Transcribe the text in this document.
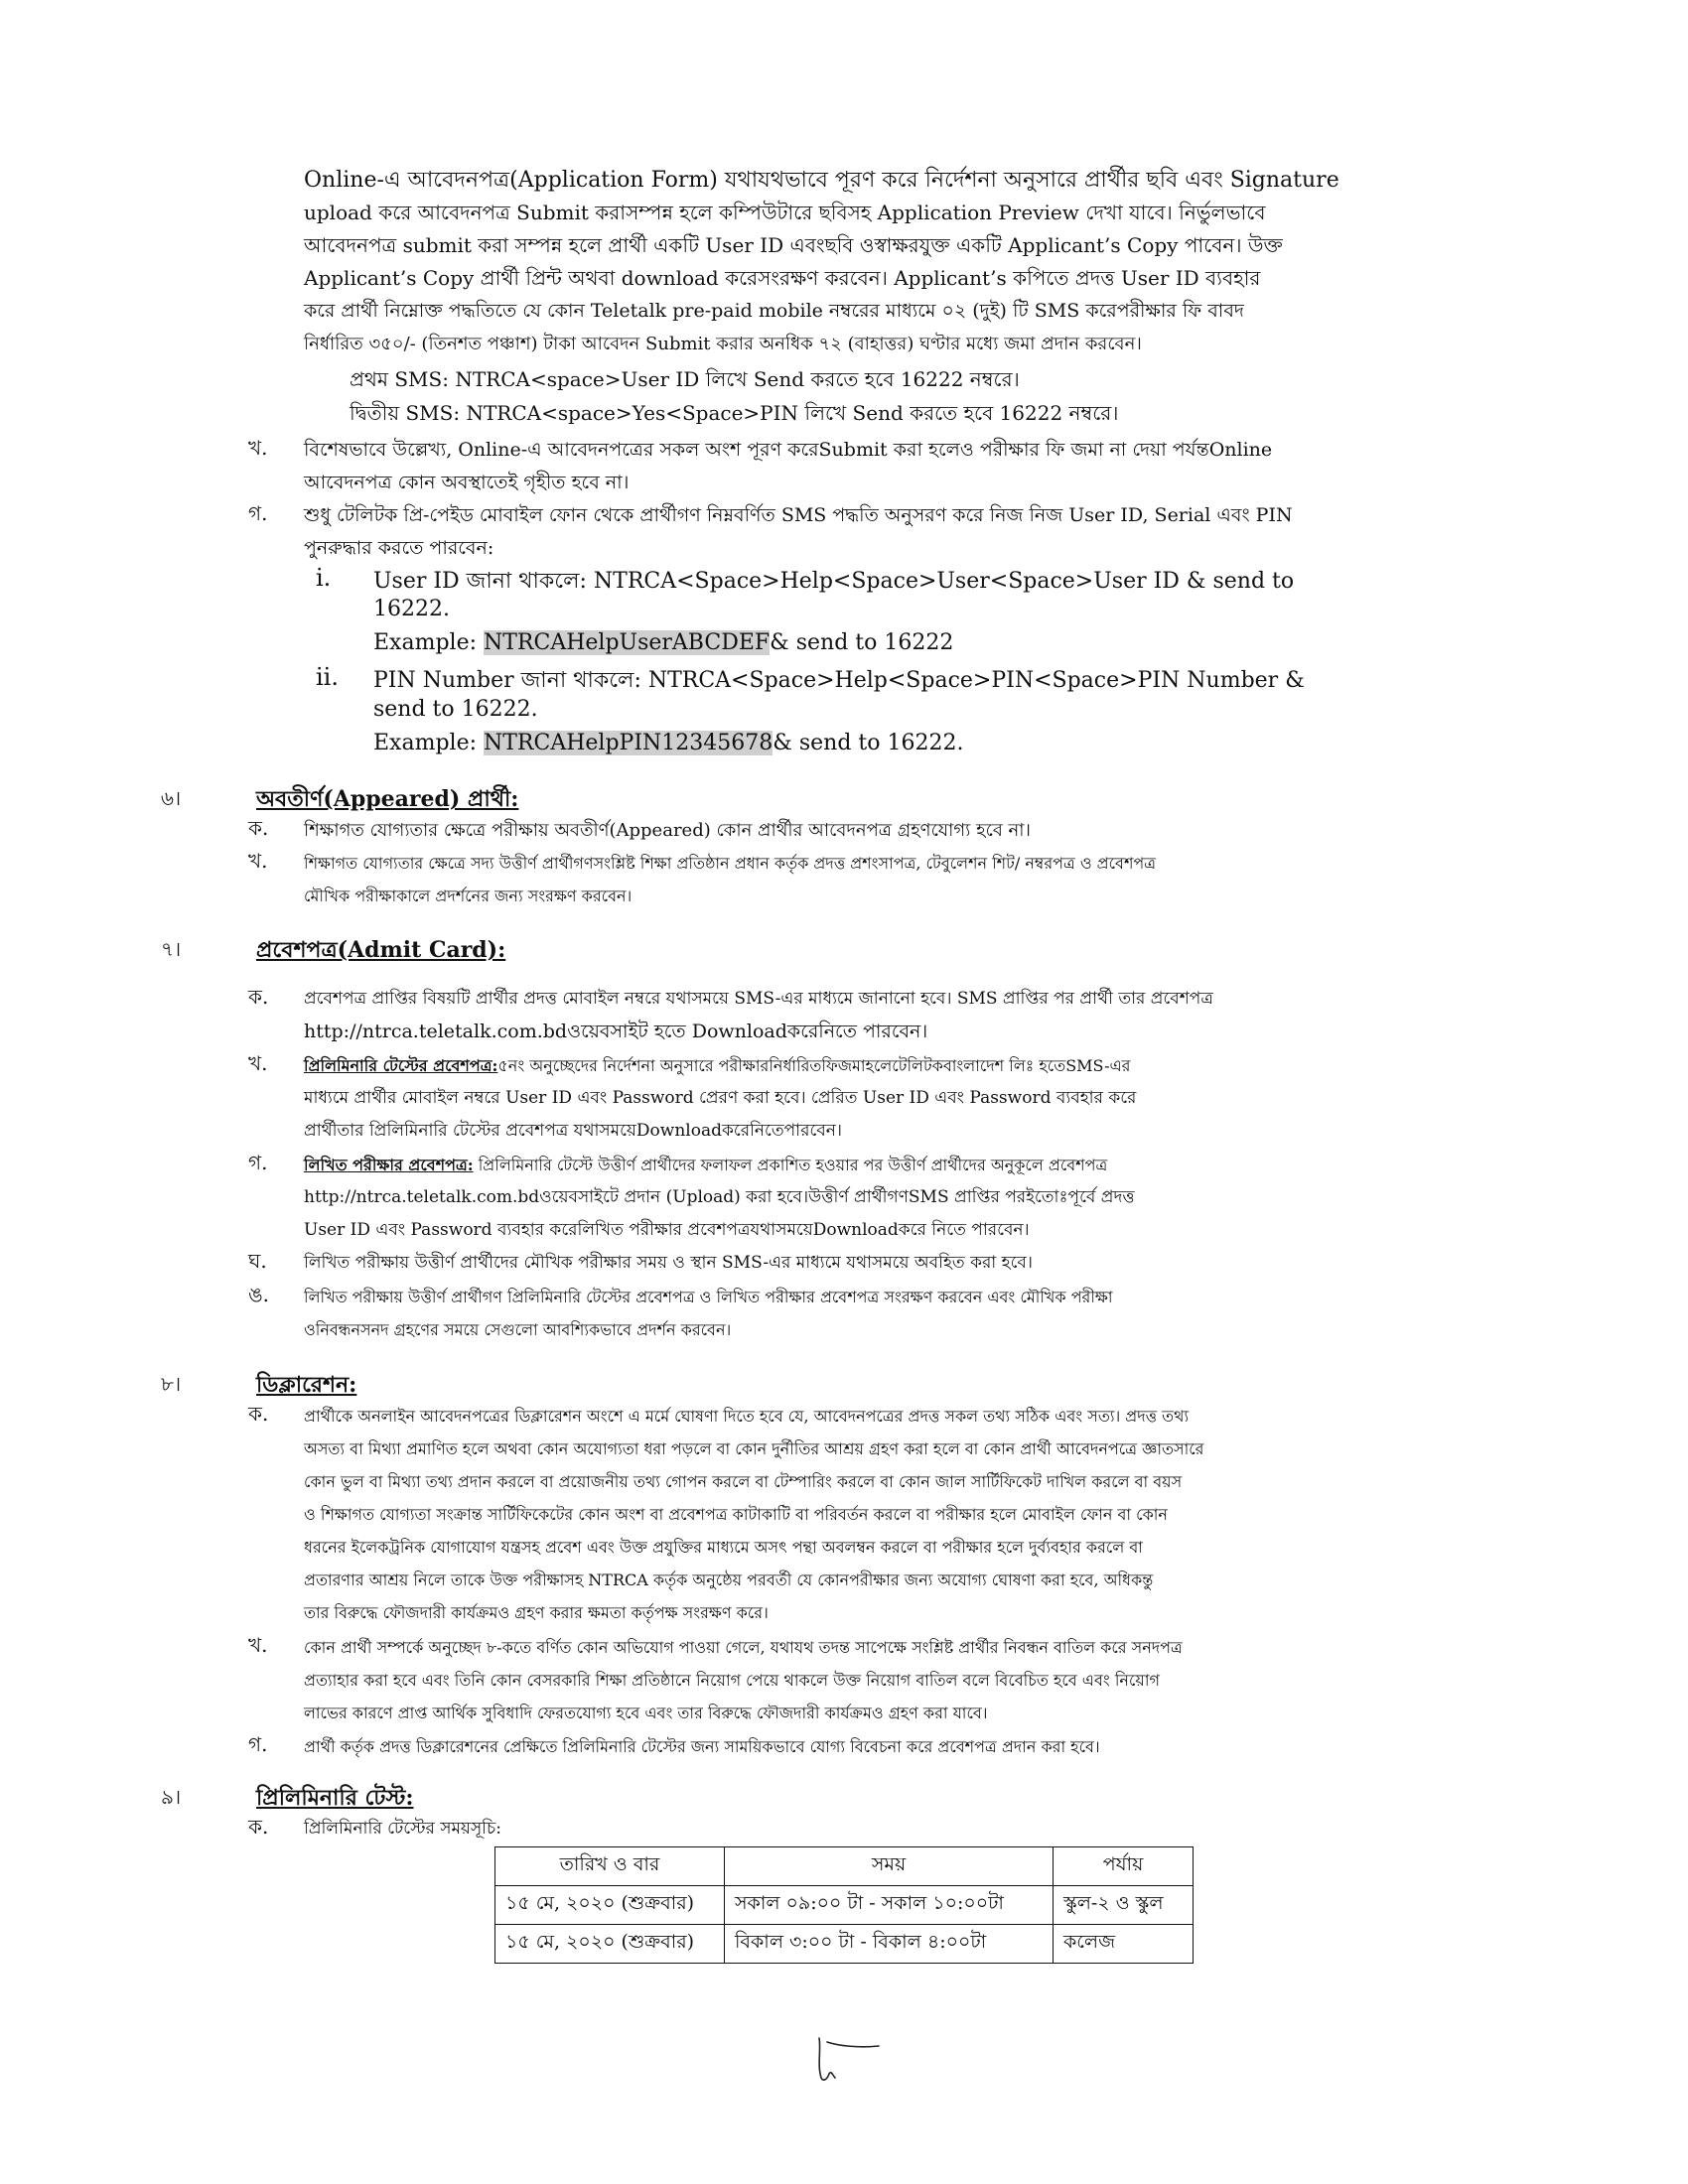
Online-এ আবেদনপত্র(Application Form) যথাযথভাবে পূরণ করে নির্দেশনা অনুসারে প্রার্থীর ছবি এবং Signature
upload করে আবেদনপত্র Submit করাসম্পন্ন হলে কম্পিউটারে ছবিসহ Application Preview দেখা যাবে। নির্ভুলভাবে
আবেদনপত্র submit করা সম্পন্ন হলে প্রার্থী একটি User ID এবংছবি ওস্বাক্ষরযুক্ত একটি Applicant’s Copy পাবেন। উক্ত
Applicant’s Copy প্রার্থী প্রিন্ট অথবা download করেসংরক্ষণ করবেন। Applicant’s কপিতে প্রদত্ত User ID ব্যবহার
করে প্রার্থী নিম্নোক্ত পদ্ধতিতে যে কোন Teletalk pre-paid mobile নম্বরের মাধ্যমে ০২ (দুই) টি SMS করেপরীক্ষার ফি বাবদ
নির্ধারিত ৩৫০/- (তিনশত পঞ্চাশ) টাকা আবেদন Submit করার অনধিক ৭২ (বাহাত্তর) ঘণ্টার মধ্যে জমা প্রদান করবেন।
প্রথম SMS: NTRCA<space>User ID লিখে Send করতে হবে 16222 নম্বরে।
দ্বিতীয় SMS: NTRCA<space>Yes<Space>PIN লিখে Send করতে হবে 16222 নম্বরে।
খ.	বিশেষভাবে উল্লেখ্য, Online-এ আবেদনপত্রের সকল অংশ পূরণ করেSubmit করা হলেও পরীক্ষার ফি জমা না দেয়া পর্যন্তOnline
আবেদনপত্র কোন অবস্থাতেই গৃহীত হবে না।
গ.	শুধু টেলিটক প্রি-পেইড মোবাইল ফোন থেকে প্রার্থীগণ নিম্নবর্ণিত SMS পদ্ধতি অনুসরণ করে নিজ নিজ User ID, Serial এবং PIN
পুনরুদ্ধার করতে পারবেন:
i. User ID জানা থাকলে: NTRCA<Space>Help<Space>User<Space>User ID & send to
16222.
Example: NTRCAHelpUserABCDEF& send to 16222
ii. PIN Number জানা থাকলে: NTRCA<Space>Help<Space>PIN<Space>PIN Number &
send to 16222.
Example: NTRCAHelpPIN12345678& send to 16222.
৬।	অবতীর্ণ(Appeared) প্রার্থী:
ক.	শিক্ষাগত যোগ্যতার ক্ষেত্রে পরীক্ষায় অবতীর্ণ(Appeared) কোন প্রার্থীর আবেদনপত্র গ্রহণযোগ্য হবে না।
খ.	শিক্ষাগত যোগ্যতার ক্ষেত্রে সদ্য উত্তীর্ণ প্রার্থীগণসংশ্লিষ্ট শিক্ষা প্রতিষ্ঠান প্রধান কর্তৃক প্রদত্ত প্রশংসাপত্র, টেবুলেশন শিট/ নম্বরপত্র ও প্রবেশপত্র
মৌখিক পরীক্ষাকালে প্রদর্শনের জন্য সংরক্ষণ করবেন।
৭।	প্রবেশপত্র(Admit Card):
ক.	প্রবেশপত্র প্রাপ্তির বিষয়টি প্রার্থীর প্রদত্ত মোবাইল নম্বরে যথাসময়ে SMS-এর মাধ্যমে জানানো হবে। SMS প্রাপ্তির পর প্রার্থী তার প্রবেশপত্র
http://ntrca.teletalk.com.bdওয়েবসাইট হতে Downloadকরেনিতে পারবেন।
খ.	প্রিলিমিনারি টেস্টের প্রবেশপত্র:৫নং অনুচ্ছেদের নির্দেশনা অনুসারে পরীক্ষারনির্ধারিতফিজমাহলেটেলিটকবাংলাদেশ লিঃ হতেSMS-এর
মাধ্যমে প্রার্থীর মোবাইল নম্বরে User ID এবং Password প্রেরণ করা হবে। প্রেরিত User ID এবং Password ব্যবহার করে
প্রার্থীতার প্রিলিমিনারি টেস্টের প্রবেশপত্র যথাসময়েDownloadকরেনিতেপারবেন।
গ.	লিখিত পরীক্ষার প্রবেশপত্র: প্রিলিমিনারি টেস্টে উত্তীর্ণ প্রার্থীদের ফলাফল প্রকাশিত হওয়ার পর উত্তীর্ণ প্রার্থীদের অনুকূলে প্রবেশপত্র
http://ntrca.teletalk.com.bdওয়েবসাইটে প্রদান (Upload) করা হবে।উত্তীর্ণ প্রার্থীগণSMS প্রাপ্তির পরইতোঃপূর্বে প্রদত্ত
User ID এবং Password ব্যবহার করেলিখিত পরীক্ষার প্রবেশপত্রযথাসময়েDownloadকরে নিতে পারবেন।
ঘ.	লিখিত পরীক্ষায় উত্তীর্ণ প্রার্থীদের মৌখিক পরীক্ষার সময় ও স্থান SMS-এর মাধ্যমে যথাসময়ে অবহিত করা হবে।
ঙ.	লিখিত পরীক্ষায় উত্তীর্ণ প্রার্থীগণ প্রিলিমিনারি টেস্টের প্রবেশপত্র ও লিখিত পরীক্ষার প্রবেশপত্র সংরক্ষণ করবেন এবং মৌখিক পরীক্ষা
ওনিবন্ধনসনদ গ্রহণের সময়ে সেগুলো আবশ্যিকভাবে প্রদর্শন করবেন।
৮।	ডিক্লারেশন:
ক.	প্রার্থীকে অনলাইন আবেদনপত্রের ডিক্লারেশন অংশে এ মর্মে ঘোষণা দিতে হবে যে, আবেদনপত্রের প্রদত্ত সকল তথ্য সঠিক এবং সত্য। প্রদত্ত তথ্য
অসত্য বা মিথ্যা প্রমাণিত হলে অথবা কোন অযোগ্যতা ধরা পড়লে বা কোন দুর্নীতির আশ্রয় গ্রহণ করা হলে বা কোন প্রার্থী আবেদনপত্রে জ্ঞাতসারে
কোন ভুল বা মিথ্যা তথ্য প্রদান করলে বা প্রয়োজনীয় তথ্য গোপন করলে বা টেম্পারিং করলে বা কোন জাল সার্টিফিকেট দাখিল করলে বা বয়স
ও শিক্ষাগত যোগ্যতা সংক্রান্ত সার্টিফিকেটের কোন অংশ বা প্রবেশপত্র কাটাকাটি বা পরিবর্তন করলে বা পরীক্ষার হলে মোবাইল ফোন বা কোন
ধরনের ইলেকট্রনিক যোগাযোগ যন্ত্রসহ প্রবেশ এবং উক্ত প্রযুক্তির মাধ্যমে অসৎ পন্থা অবলম্বন করলে বা পরীক্ষার হলে দুর্ব্যবহার করলে বা
প্রতারণার আশ্রয় নিলে তাকে উক্ত পরীক্ষাসহ NTRCA কর্তৃক অনুষ্ঠেয় পরবর্তী যে কোনপরীক্ষার জন্য অযোগ্য ঘোষণা করা হবে, অধিকন্তু
তার বিরুদ্ধে ফৌজদারী কার্যক্রমও গ্রহণ করার ক্ষমতা কর্তৃপক্ষ সংরক্ষণ করে।
খ.	কোন প্রার্থী সম্পর্কে অনুচ্ছেদ ৮-কতে বর্ণিত কোন অভিযোগ পাওয়া গেলে, যথাযথ তদন্ত সাপেক্ষে সংশ্লিষ্ট প্রার্থীর নিবন্ধন বাতিল করে সনদপত্র
প্রত্যাহার করা হবে এবং তিনি কোন বেসরকারি শিক্ষা প্রতিষ্ঠানে নিয়োগ পেয়ে থাকলে উক্ত নিয়োগ বাতিল বলে বিবেচিত হবে এবং নিয়োগ
লাভের কারণে প্রাপ্ত আর্থিক সুবিধাদি ফেরতযোগ্য হবে এবং তার বিরুদ্ধে ফৌজদারী কার্যক্রমও গ্রহণ করা যাবে।
গ.	প্রার্থী কর্তৃক প্রদত্ত ডিক্লারেশনের প্রেক্ষিতে প্রিলিমিনারি টেস্টের জন্য সাময়িকভাবে যোগ্য বিবেচনা করে প্রবেশপত্র প্রদান করা হবে।
৯।	প্রিলিমিনারি টেস্ট:
ক.	প্রিলিমিনারি টেস্টের সময়সূচি:
তারিখ ও বার	সময়	পর্যায়
১৫ মে, ২০২০ (শুক্রবার)	সকাল ০৯:০০ টা - সকাল ১০:০০টা	স্কুল-২ ও স্কুল
১৫ মে, ২০২০ (শুক্রবার)	বিকাল ৩:০০ টা - বিকাল ৪:০০টা	কলেজ
